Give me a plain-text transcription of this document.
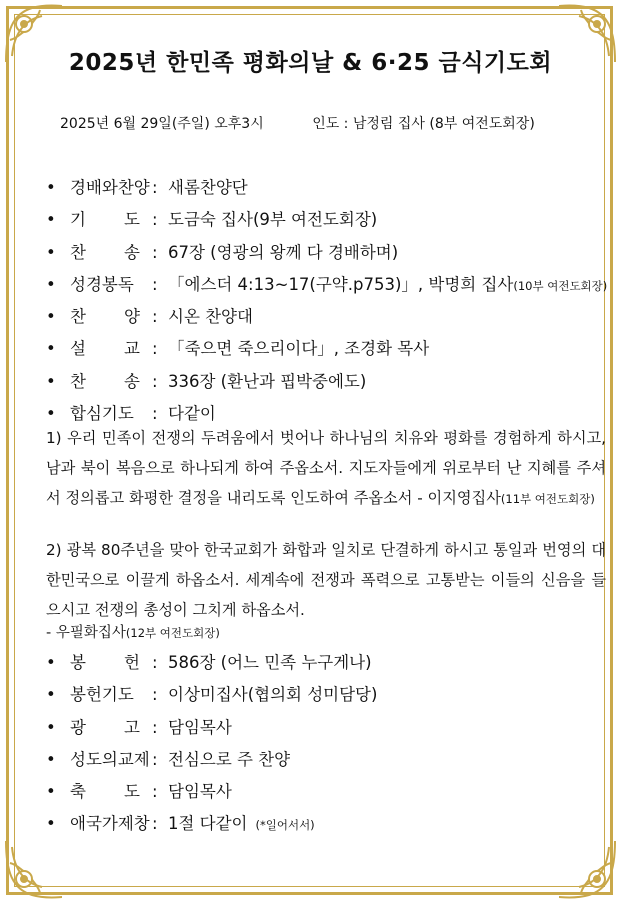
2025년 한민족 평화의날 & 6·25 금식기도회
2025년 6월 29일(주일) 오후3시	인도 : 남정림 집사 (8부 여전도회장)
• 경배와찬양 : 새롬찬양단
• 기 도 : 도금숙 집사(9부 여전도회장)
• 찬 송 : 67장 (영광의 왕께 다 경배하며)
• 성경봉독	: 「에스더 4:13~17(구약.p753)」, 박명희 집사(10부 여전도회장)
• 찬 양 : 시온 찬양대
• 설 교 : 「죽으면 죽으리이다」, 조경화 목사
• 찬 송 : 336장 (환난과 핍박중에도)
• 합심기도	: 다같이

1) 우리 민족이 전쟁의 두려움에서 벗어나 하나님의 치유와 평화를 경험하게 하시고, 남과 북이 복음으로 하나되게 하여 주옵소서. 지도자들에게 위로부터 난 지혜를 주셔서 정의롭고 화평한 결정을 내리도록 인도하여 주옵소서 - 이지영집사(11부 여전도회장)

2) 광복 80주년을 맞아 한국교회가 화합과 일치로 단결하게 하시고 통일과 번영의 대한민국으로 이끌게 하옵소서. 세계속에 전쟁과 폭력으로 고통받는 이들의 신음을 들으시고 전쟁의 총성이 그치게 하옵소서.

- 우필화집사(12부 여전도회장)

• 봉 헌 : 586장 (어느 민족 누구게나)
• 봉헌기도	: 이상미집사(협의회 성미담당)
• 광 고 : 담임목사
• 성도의교제 : 전심으로 주 찬양
• 축 도 : 담임목사
• 애국가제창 : 1절 다같이 (*일어서서)
